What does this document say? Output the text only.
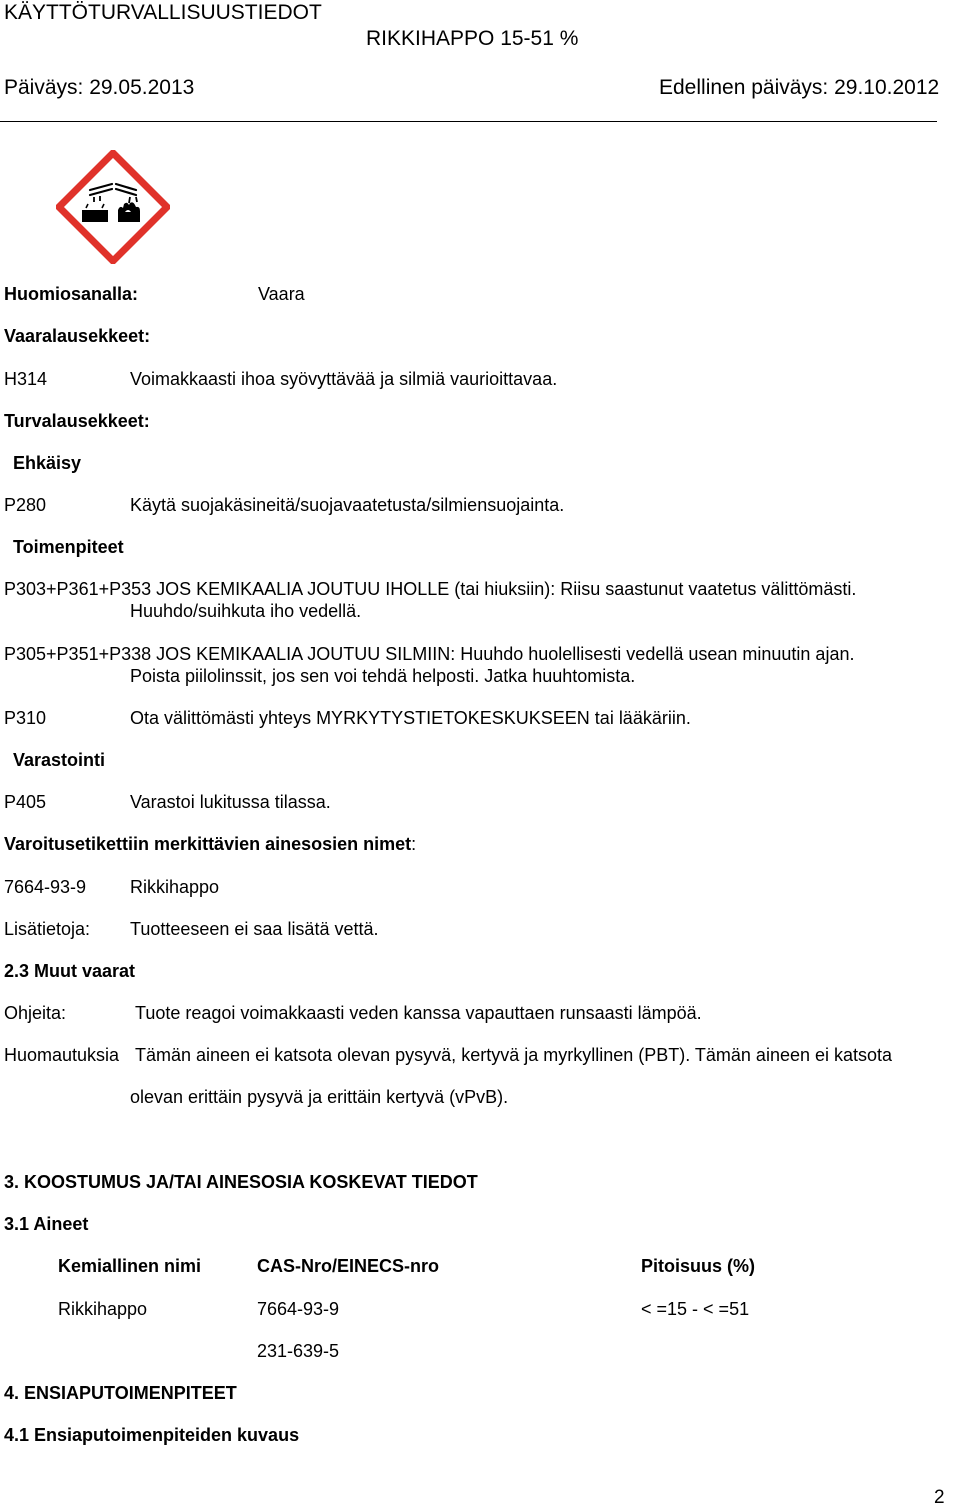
KÄYTTÖTURVALLISUUSTIEDOT
RIKKIHAPPO 15-51 %
Päiväys: 29.05.2013	Edellinen päiväys: 29.10.2012
Huomiosanalla:	Vaara
Vaaralausekkeet:
H314	Voimakkaasti ihoa syövyttävää ja silmiä vaurioittavaa.
Turvalausekkeet:
Ehkäisy
P280	Käytä suojakäsineitä/suojavaatetusta/silmiensuojainta.
Toimenpiteet
P303+P361+P353 JOS KEMIKAALIA JOUTUU IHOLLE (tai hiuksiin): Riisu saastunut vaatetus välittömästi.
Huuhdo/suihkuta iho vedellä.
P305+P351+P338 JOS KEMIKAALIA JOUTUU SILMIIN: Huuhdo huolellisesti vedellä usean minuutin ajan.
Poista piilolinssit, jos sen voi tehdä helposti. Jatka huuhtomista.
P310	Ota välittömästi yhteys MYRKYTYSTIETOKESKUKSEEN tai lääkäriin.
Varastointi
P405	Varastoi lukitussa tilassa.
Varoitusetikettiin merkittävien ainesosien nimet:
7664-93-9 Rikkihappo
Lisätietoja: Tuotteeseen ei saa lisätä vettä.
2.3 Muut vaarat
Ohjeita:	Tuote reagoi voimakkaasti veden kanssa vapauttaen runsaasti lämpöä.
Huomautuksia Tämän aineen ei katsota olevan pysyvä, kertyvä ja myrkyllinen (PBT). Tämän aineen ei katsota
olevan erittäin pysyvä ja erittäin kertyvä (vPvB).
3. KOOSTUMUS JA/TAI AINESOSIA KOSKEVAT TIEDOT
3.1 Aineet
Kemiallinen nimi	CAS-Nro/EINECS-nro	Pitoisuus (%)
Rikkihappo	7664-93-9	< =15 - < =51
231-639-5
4. ENSIAPUTOIMENPITEET
4.1 Ensiaputoimenpiteiden kuvaus
2
